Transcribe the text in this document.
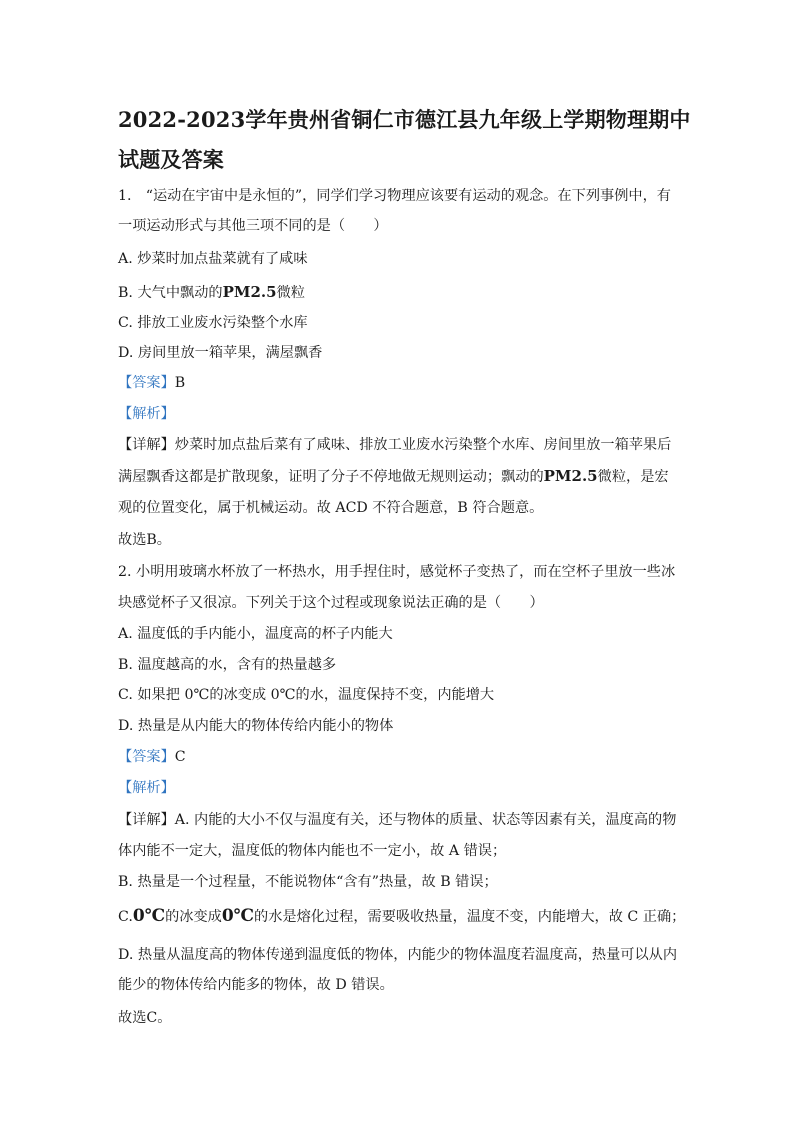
2022-2023学年贵州省铜仁市德江县九年级上学期物理期中
试题及答案
1.　“运动在宇宙中是永恒的”，同学们学习物理应该要有运动的观念。在下列事例中，有
一项运动形式与其他三项不同的是（　　）
A. 炒菜时加点盐菜就有了咸味
B. 大气中飘动的PM2.5微粒
C. 排放工业废水污染整个水库
D. 房间里放一箱苹果，满屋飘香
【答案】B
【解析】
【详解】炒菜时加点盐后菜有了咸味、排放工业废水污染整个水库、房间里放一箱苹果后
满屋飘香这都是扩散现象，证明了分子不停地做无规则运动；飘动的PM2.5微粒，是宏
观的位置变化，属于机械运动。故 ACD 不符合题意，B 符合题意。
故选B。
2. 小明用玻璃水杯放了一杯热水，用手捏住时，感觉杯子变热了，而在空杯子里放一些冰
块感觉杯子又很凉。下列关于这个过程或现象说法正确的是（　　）
A. 温度低的手内能小，温度高的杯子内能大
B. 温度越高的水，含有的热量越多
C. 如果把 0℃的冰变成 0℃的水，温度保持不变，内能增大
D. 热量是从内能大的物体传给内能小的物体
【答案】C
【解析】
【详解】A. 内能的大小不仅与温度有关，还与物体的质量、状态等因素有关，温度高的物
体内能不一定大，温度低的物体内能也不一定小，故 A 错误；
B. 热量是一个过程量，不能说物体“含有”热量，故 B 错误；
C.0℃的冰变成0℃的水是熔化过程，需要吸收热量，温度不变，内能增大，故 C 正确；
D. 热量从温度高的物体传递到温度低的物体，内能少的物体温度若温度高，热量可以从内
能少的物体传给内能多的物体，故 D 错误。
故选C。
